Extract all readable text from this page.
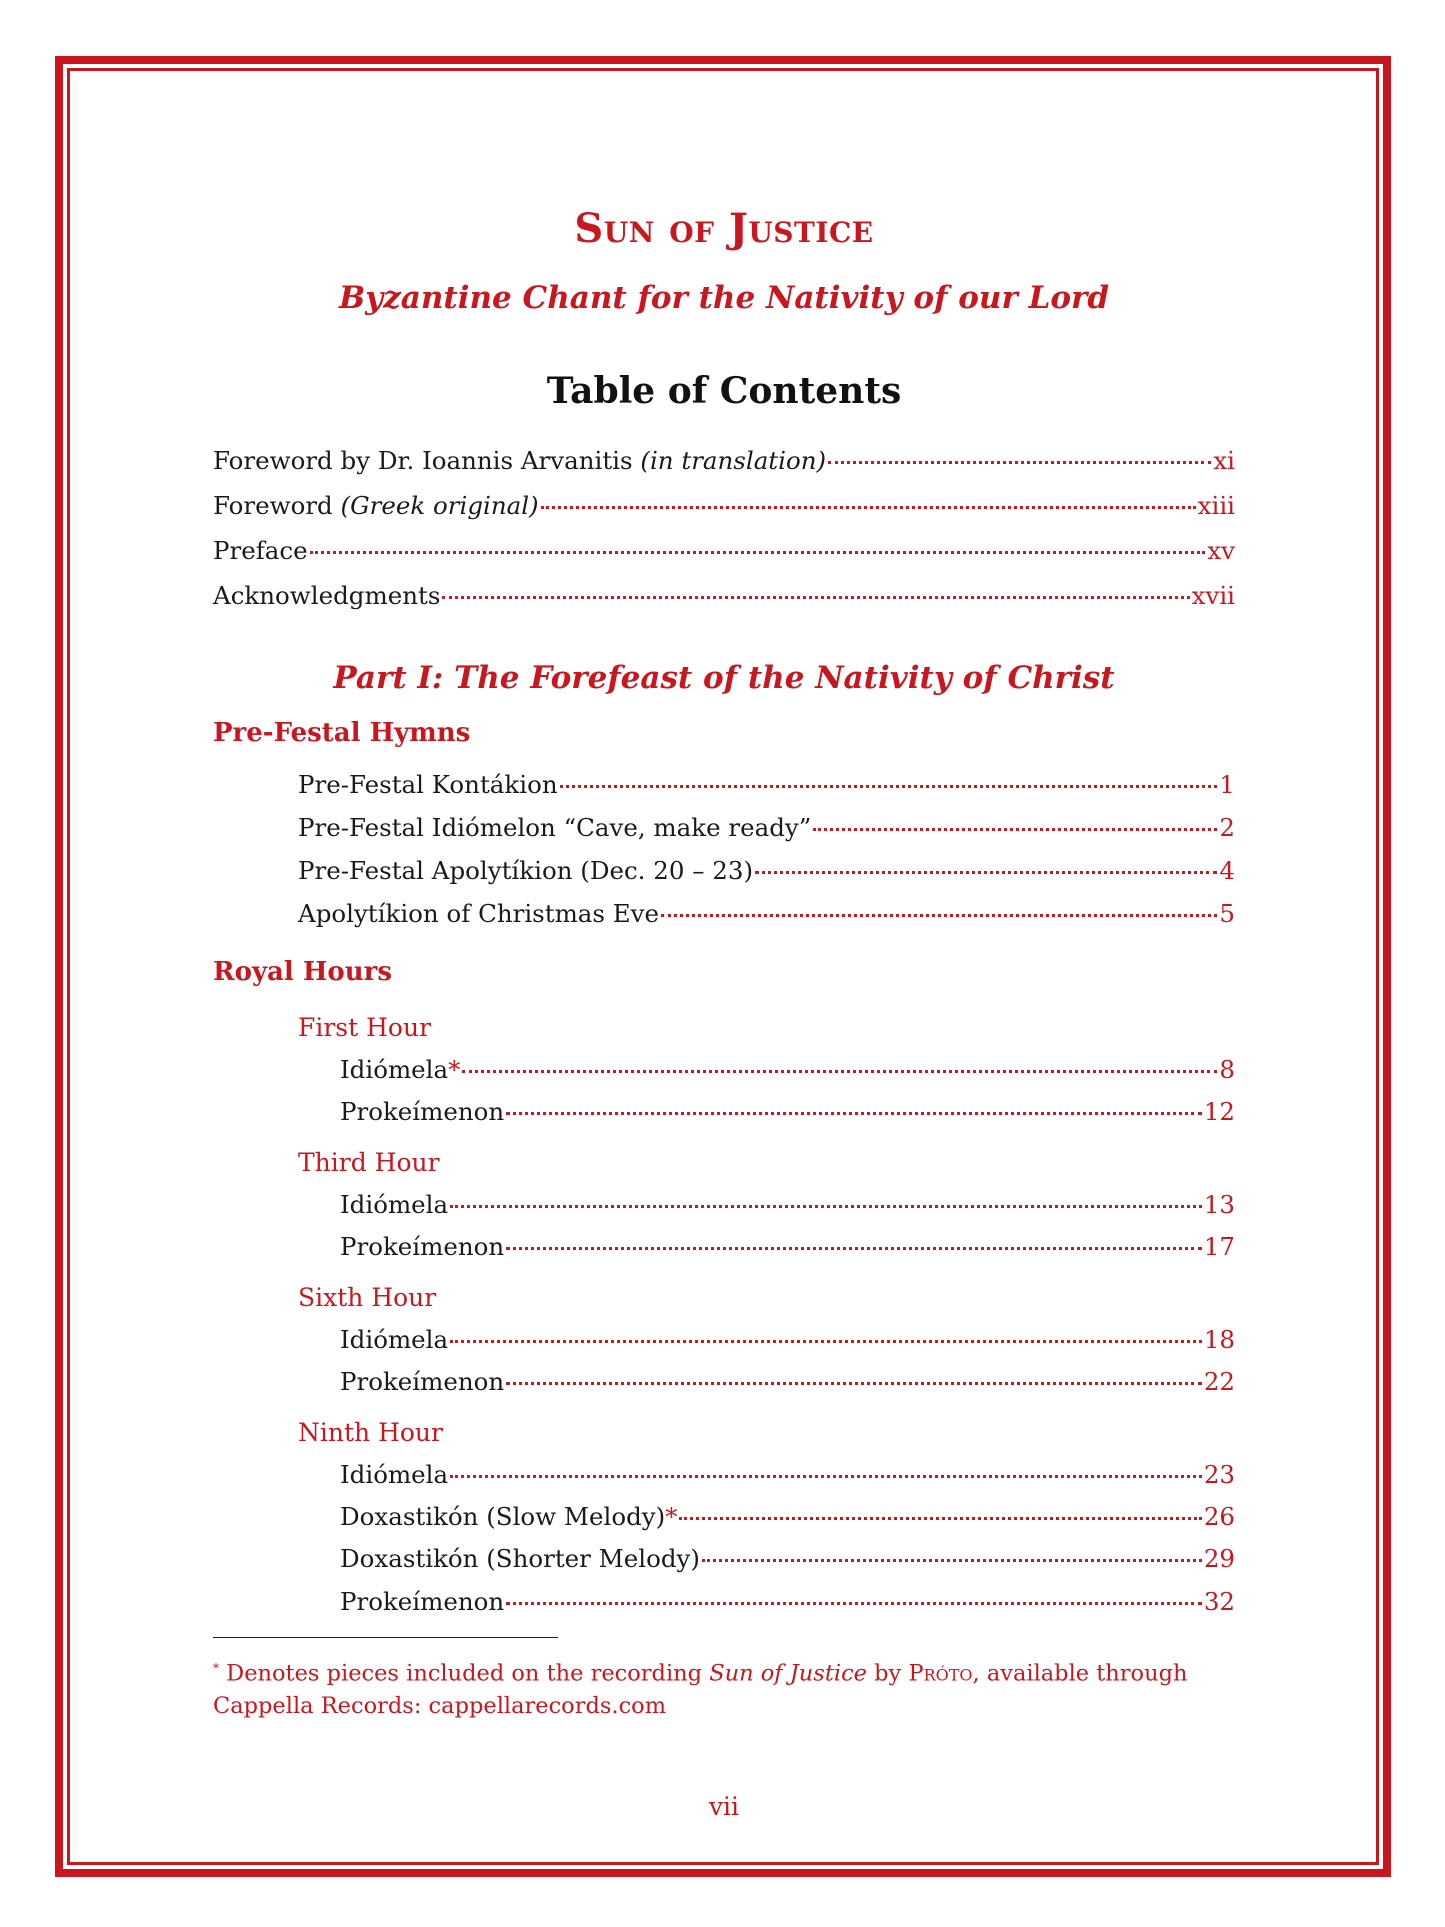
Sun of Justice
Byzantine Chant for the Nativity of our Lord
Table of Contents
Foreword by Dr. Ioannis Arvanitis (in translation)	xi
Foreword (Greek original)	xiii
Preface	xv
Acknowledgments	xvii
Part I: The Forefeast of the Nativity of Christ
Pre-Festal Hymns
Pre-Festal Kontákion	1
Pre-Festal Idiómelon “Cave, make ready”	2
Pre-Festal Apolytíkion (Dec. 20 – 23)	4
Apolytíkion of Christmas Eve	5
Royal Hours
First Hour
Idiómela*	8
Prokeímenon	12
Third Hour
Idiómela	13
Prokeímenon	17
Sixth Hour
Idiómela	18
Prokeímenon	22
Ninth Hour
Idiómela	23
Doxastikón (Slow Melody)*	26
Doxastikón (Shorter Melody)	29
Prokeímenon	32
* Denotes pieces included on the recording Sun of Justice by Próto, available through Cappella Records: cappellarecords.com
vii
